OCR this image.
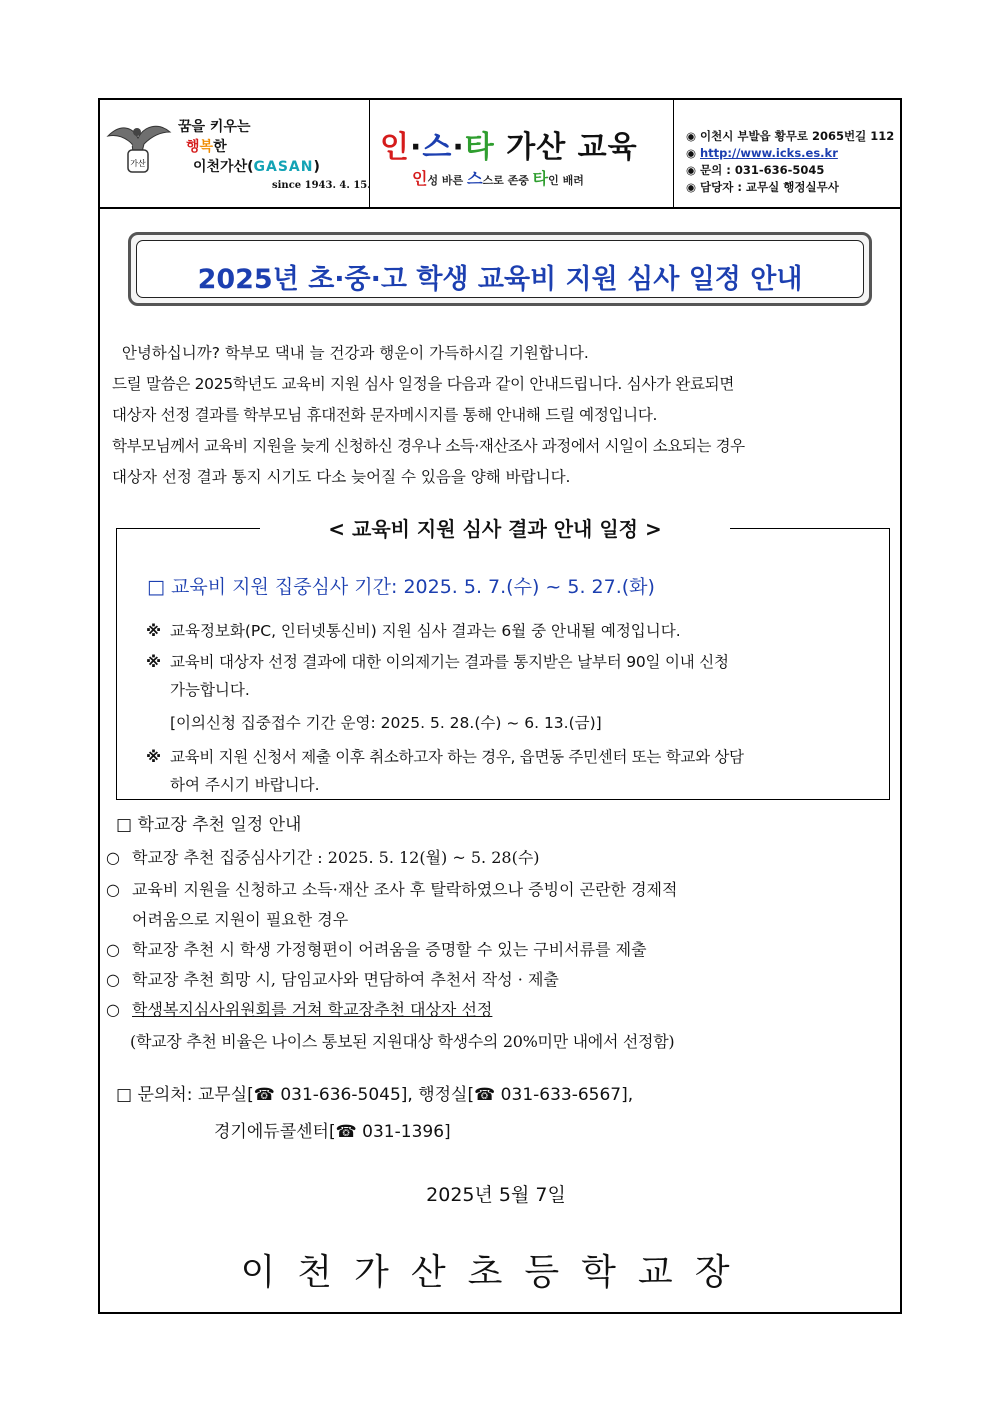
가산
꿈을 키우는
행복한
이천가산(GASAN)
since 1943. 4. 15.
인·스·타 가산 교육
인성 바른 스스로 존중 타인 배려
◉ 이천시 부발읍 황무로 2065번길 112
◉ http://www.icks.es.kr
◉ 문의 : 031-636-5045
◉ 담당자 : 교무실 행정실무사
2025년 초·중·고 학생 교육비 지원 심사 일정 안내
안녕하십니까? 학부모 댁내 늘 건강과 행운이 가득하시길 기원합니다.
드릴 말씀은 2025학년도 교육비 지원 심사 일정을 다음과 같이 안내드립니다. 심사가 완료되면
대상자 선정 결과를 학부모님 휴대전화 문자메시지를 통해 안내해 드릴 예정입니다.
학부모님께서 교육비 지원을 늦게 신청하신 경우나 소득·재산조사 과정에서 시일이 소요되는 경우
대상자 선정 결과 통지 시기도 다소 늦어질 수 있음을 양해 바랍니다.
< 교육비 지원 심사 결과 안내 일정 >
□ 교육비 지원 집중심사 기간: 2025. 5. 7.(수) ~ 5. 27.(화)
※ 교육정보화(PC, 인터넷통신비) 지원 심사 결과는 6월 중 안내될 예정입니다.
※ 교육비 대상자 선정 결과에 대한 이의제기는 결과를 통지받은 날부터 90일 이내 신청
가능합니다.
[이의신청 집중접수 기간 운영: 2025. 5. 28.(수) ~ 6. 13.(금)]
※ 교육비 지원 신청서 제출 이후 취소하고자 하는 경우, 읍면동 주민센터 또는 학교와 상담
하여 주시기 바랍니다.
□ 학교장 추천 일정 안내
○ 학교장 추천 집중심사기간 : 2025. 5. 12(월) ~ 5. 28(수)
○ 교육비 지원을 신청하고 소득·재산 조사 후 탈락하였으나 증빙이 곤란한 경제적
어려움으로 지원이 필요한 경우
○ 학교장 추천 시 학생 가정형편이 어려움을 증명할 수 있는 구비서류를 제출
○ 학교장 추천 희망 시, 담임교사와 면담하여 추천서 작성 · 제출
○ 학생복지심사위원회를 거쳐 학교장추천 대상자 선정
(학교장 추천 비율은 나이스 통보된 지원대상 학생수의 20%미만 내에서 선정함)
□ 문의처: 교무실[☎ 031-636-5045], 행정실[☎ 031-633-6567],
경기에듀콜센터[☎ 031-1396]
2025년 5월 7일
이천가산초등학교장
